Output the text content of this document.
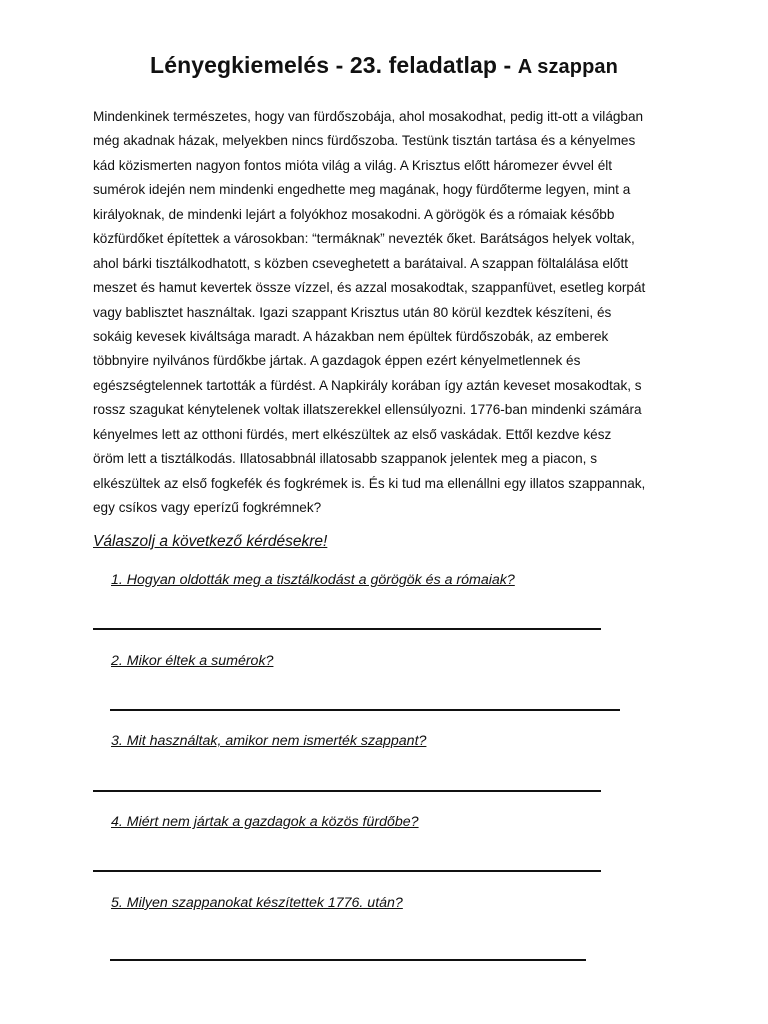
Lényegkiemelés - 23. feladatlap - A szappan
Mindenkinek természetes, hogy van fürdőszobája, ahol mosakodhat, pedig itt-ott a világban
még akadnak házak, melyekben nincs fürdőszoba. Testünk tisztán tartása és a kényelmes
kád közismerten nagyon fontos mióta világ a világ. A Krisztus előtt háromezer évvel élt
sumérok idején nem mindenki engedhette meg magának, hogy fürdőterme legyen, mint a
királyoknak, de mindenki lejárt a folyókhoz mosakodni. A görögök és a rómaiak később
közfürdőket építettek a városokban: “termáknak” nevezték őket. Barátságos helyek voltak,
ahol bárki tisztálkodhatott, s közben cseveghetett a barátaival. A szappan föltalálása előtt
meszet és hamut kevertek össze vízzel, és azzal mosakodtak, szappanfüvet, esetleg korpát
vagy bablisztet használtak. Igazi szappant Krisztus után 80 körül kezdtek készíteni, és
sokáig kevesek kiváltsága maradt. A házakban nem épültek fürdőszobák, az emberek
többnyire nyilvános fürdőkbe jártak. A gazdagok éppen ezért kényelmetlennek és
egészségtelennek tartották a fürdést. A Napkirály korában így aztán keveset mosakodtak, s
rossz szagukat kénytelenek voltak illatszerekkel ellensúlyozni. 1776-ban mindenki számára
kényelmes lett az otthoni fürdés, mert elkészültek az első vaskádak. Ettől kezdve kész
öröm lett a tisztálkodás. Illatosabbnál illatosabb szappanok jelentek meg a piacon, s
elkészültek az első fogkefék és fogkrémek is. És ki tud ma ellenállni egy illatos szappannak,
egy csíkos vagy eperízű fogkrémnek?
Válaszolj a következő kérdésekre!
1. Hogyan oldották meg a tisztálkodást a görögök és a rómaiak?
2. Mikor éltek a sumérok?
3. Mit használtak, amikor nem ismerték szappant?
4. Miért nem jártak a gazdagok a közös fürdőbe?
5. Milyen szappanokat készítettek 1776. után?
